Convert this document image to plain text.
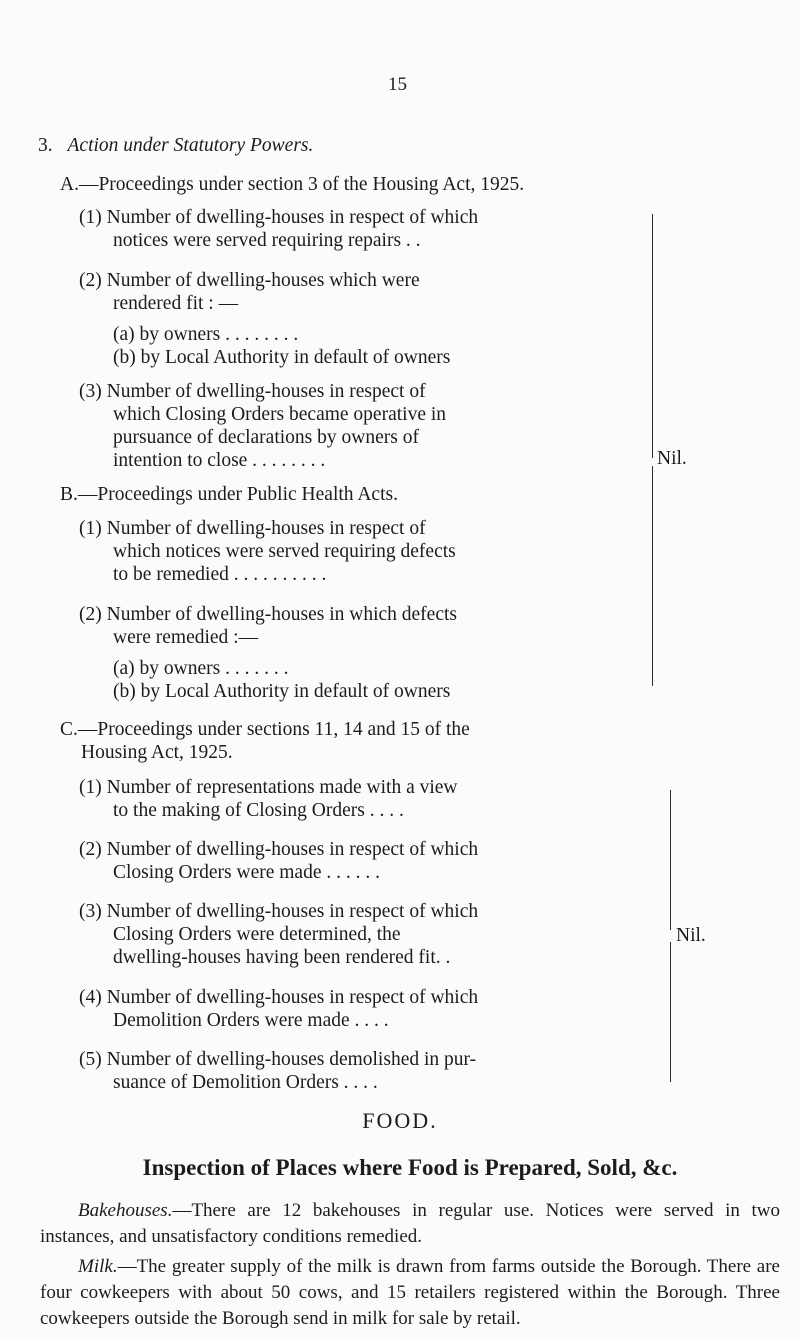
15
3. Action under Statutory Powers.
A.—Proceedings under section 3 of the Housing Act, 1925.
(1) Number of dwelling-houses in respect of which
notices were served requiring repairs . .
(2) Number of dwelling-houses which were
rendered fit : —
(a) by owners . . . . . . . .
(b) by Local Authority in default of owners
(3) Number of dwelling-houses in respect of
which Closing Orders became operative in
pursuance of declarations by owners of
intention to close . . . . . . . .
B.—Proceedings under Public Health Acts.
(1) Number of dwelling-houses in respect of
which notices were served requiring defects
to be remedied . . . . . . . . . .
(2) Number of dwelling-houses in which defects
were remedied :—
(a) by owners . . . . . . .
(b) by Local Authority in default of owners
Nil.
C.—Proceedings under sections 11, 14 and 15 of the
Housing Act, 1925.
(1) Number of representations made with a view
to the making of Closing Orders . . . .
(2) Number of dwelling-houses in respect of which
Closing Orders were made . . . . . .
(3) Number of dwelling-houses in respect of which
Closing Orders were determined, the
dwelling-houses having been rendered fit. .
(4) Number of dwelling-houses in respect of which
Demolition Orders were made . . . .
(5) Number of dwelling-houses demolished in pur-
suance of Demolition Orders . . . .
Nil.
FOOD.
Inspection of Places where Food is Prepared, Sold, &c.
Bakehouses.—There are 12 bakehouses in regular use. Notices were served in two instances, and unsatisfactory conditions remedied.
Milk.—The greater supply of the milk is drawn from farms outside the Borough. There are four cowkeepers with about 50 cows, and 15 retailers registered within the Borough. Three cowkeepers outside the Borough send in milk for sale by retail.
